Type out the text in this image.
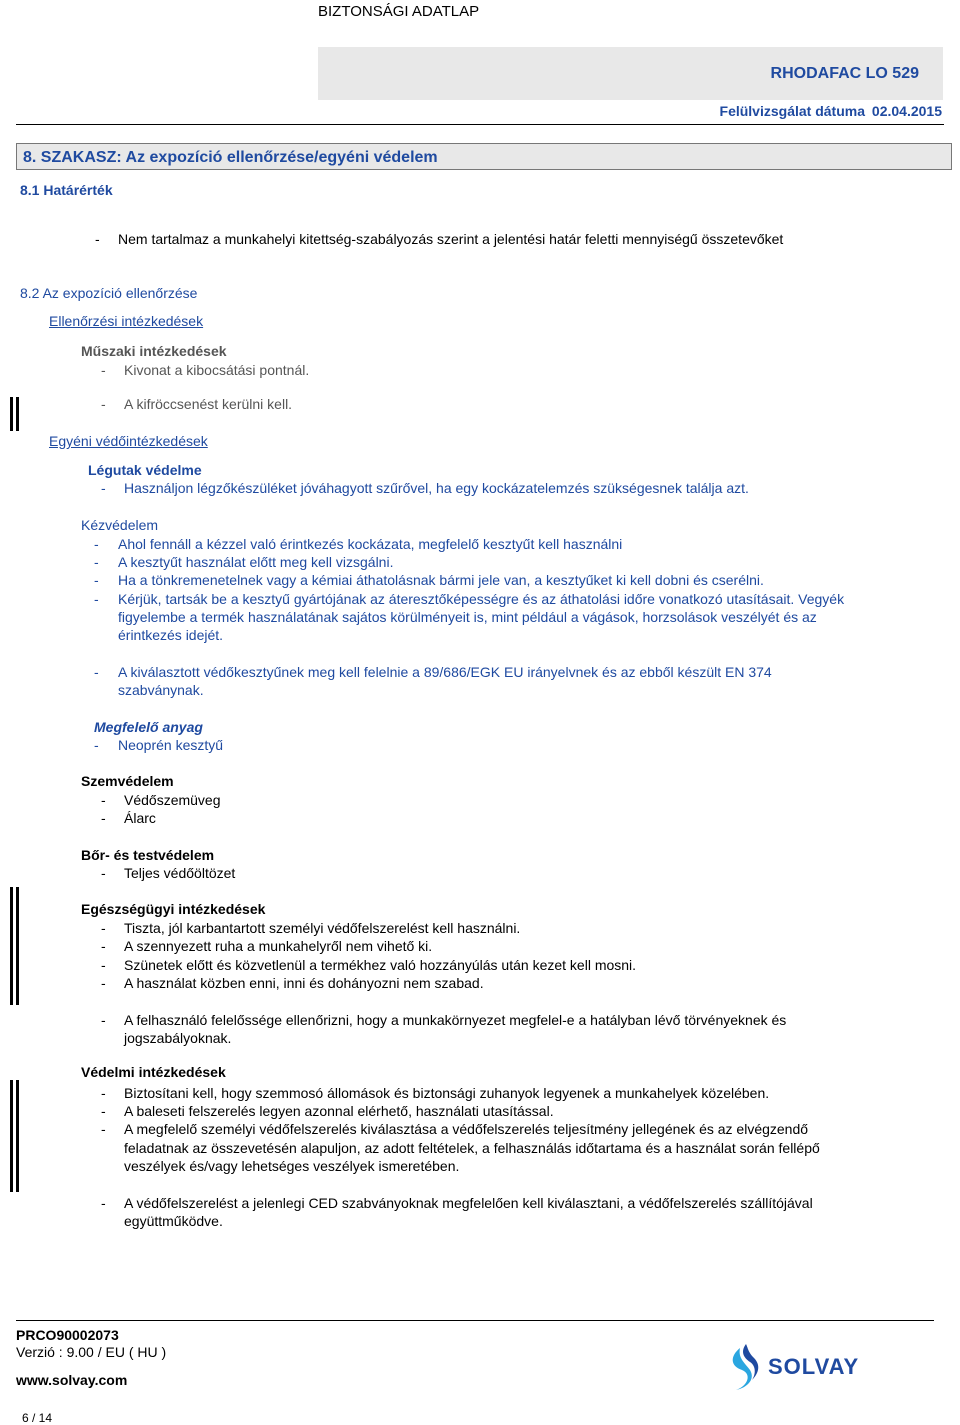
BIZTONSÁGI ADATLAP
RHODAFAC LO 529
Felülvizsgálat dátuma 02.04.2015
8. SZAKASZ: Az expozíció ellenőrzése/egyéni védelem
8.1 Határérték
- Nem tartalmaz a munkahelyi kitettség-szabályozás szerint a jelentési határ feletti mennyiségű összetevőket
8.2 Az expozíció ellenőrzése
Ellenőrzési intézkedések
Műszaki intézkedések
- Kivonat a kibocsátási pontnál.
- A kifröccsenést kerülni kell.
Egyéni védőintézkedések
Légutak védelme
- Használjon légzőkészüléket jóváhagyott szűrővel, ha egy kockázatelemzés szükségesnek találja azt.
Kézvédelem
- Ahol fennáll a kézzel való érintkezés kockázata, megfelelő kesztyűt kell használni
- A kesztyűt használat előtt meg kell vizsgálni.
- Ha a tönkremenetelnek vagy a kémiai áthatolásnak bármi jele van, a kesztyűket ki kell dobni és cserélni.
- Kérjük, tartsák be a kesztyű gyártójának az áteresztőképességre és az áthatolási időre vonatkozó utasításait. Vegyék
figyelembe a termék használatának sajátos körülményeit is, mint például a vágások, horzsolások veszélyét és az
érintkezés idejét.
- A kiválasztott védőkesztyűnek meg kell felelnie a 89/686/EGK EU irányelvnek és az ebből készült EN 374
szabványnak.
Megfelelő anyag
- Neoprén kesztyű
Szemvédelem
- Védőszemüveg
- Álarc
Bőr- és testvédelem
- Teljes védőöltözet
Egészségügyi intézkedések
- Tiszta, jól karbantartott személyi védőfelszerelést kell használni.
- A szennyezett ruha a munkahelyről nem vihető ki.
- Szünetek előtt és közvetlenül a termékhez való hozzányúlás után kezet kell mosni.
- A használat közben enni, inni és dohányozni nem szabad.
- A felhasználó felelőssége ellenőrizni, hogy a munkakörnyezet megfelel-e a hatályban lévő törvényeknek és
jogszabályoknak.
Védelmi intézkedések
- Biztosítani kell, hogy szemmosó állomások és biztonsági zuhanyok legyenek a munkahelyek közelében.
- A baleseti felszerelés legyen azonnal elérhető, használati utasítással.
- A megfelelő személyi védőfelszerelés kiválasztása a védőfelszerelés teljesítmény jellegének és az elvégzendő
feladatnak az összevetésén alapuljon, az adott feltételek, a felhasználás időtartama és a használat során fellépő
veszélyek és/vagy lehetséges veszélyek ismeretében.
- A védőfelszerelést a jelenlegi CED szabványoknak megfelelően kell kiválasztani, a védőfelszerelés szállítójával
együttműködve.
PRCO90002073
Verzió : 9.00 / EU ( HU )
www.solvay.com
6 / 14
SOLVAY
